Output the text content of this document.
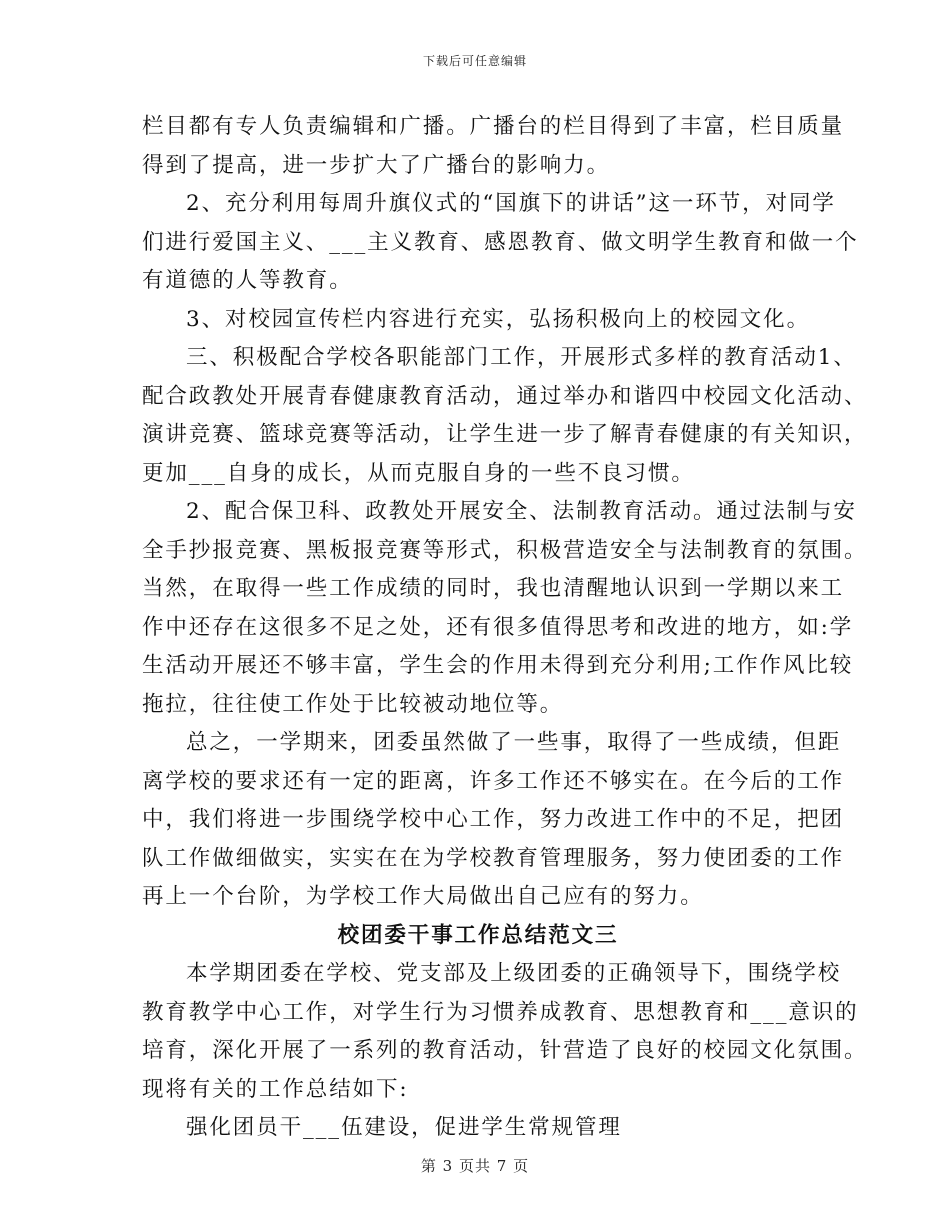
下载后可任意编辑

栏目都有专人负责编辑和广播。广播台的栏目得到了丰富，栏目质量

得到了提高，进一步扩大了广播台的影响力。

2、充分利用每周升旗仪式的“国旗下的讲话”这一环节，对同学

们进行爱国主义、___主义教育、感恩教育、做文明学生教育和做一个

有道德的人等教育。

3、对校园宣传栏内容进行充实，弘扬积极向上的校园文化。

三、积极配合学校各职能部门工作，开展形式多样的教育活动1、

配合政教处开展青春健康教育活动，通过举办和谐四中校园文化活动、

演讲竞赛、篮球竞赛等活动，让学生进一步了解青春健康的有关知识，

更加___自身的成长，从而克服自身的一些不良习惯。

2、配合保卫科、政教处开展安全、法制教育活动。通过法制与安

全手抄报竞赛、黑板报竞赛等形式，积极营造安全与法制教育的氛围。

当然，在取得一些工作成绩的同时，我也清醒地认识到一学期以来工

作中还存在这很多不足之处，还有很多值得思考和改进的地方，如:学

生活动开展还不够丰富，学生会的作用未得到充分利用;工作作风比较

拖拉，往往使工作处于比较被动地位等。

总之，一学期来，团委虽然做了一些事，取得了一些成绩，但距

离学校的要求还有一定的距离，许多工作还不够实在。在今后的工作

中，我们将进一步围绕学校中心工作，努力改进工作中的不足，把团

队工作做细做实，实实在在为学校教育管理服务，努力使团委的工作

再上一个台阶，为学校工作大局做出自己应有的努力。

校团委干事工作总结范文三

本学期团委在学校、党支部及上级团委的正确领导下，围绕学校

教育教学中心工作，对学生行为习惯养成教育、思想教育和___意识的

培育，深化开展了一系列的教育活动，针营造了良好的校园文化氛围。

现将有关的工作总结如下:

强化团员干___伍建设，促进学生常规管理

第 3 页共 7 页
